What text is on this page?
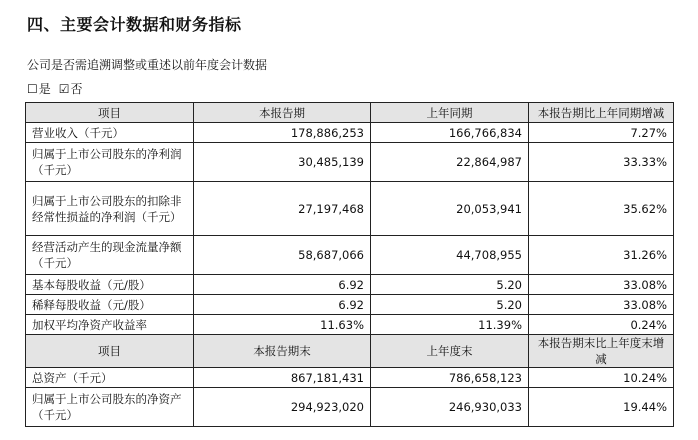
四、主要会计数据和财务指标
公司是否需追溯调整或重述以前年度会计数据
☐ 是 ☑ 否
项目	本报告期	上年同期	本报告期比上年同期增减
营业收入（千元）	178,886,253	166,766,834	7.27%
归属于上市公司股东的净利润（千元）	30,485,139	22,864,987	33.33%
归属于上市公司股东的扣除非经常性损益的净利润（千元）	27,197,468	20,053,941	35.62%
经营活动产生的现金流量净额（千元）	58,687,066	44,708,955	31.26%
基本每股收益（元/股）	6.92	5.20	33.08%
稀释每股收益（元/股）	6.92	5.20	33.08%
加权平均净资产收益率	11.63%	11.39%	0.24%
项目	本报告期末	上年度末	本报告期末比上年度末增减
总资产（千元）	867,181,431	786,658,123	10.24%
归属于上市公司股东的净资产（千元）	294,923,020	246,930,033	19.44%
